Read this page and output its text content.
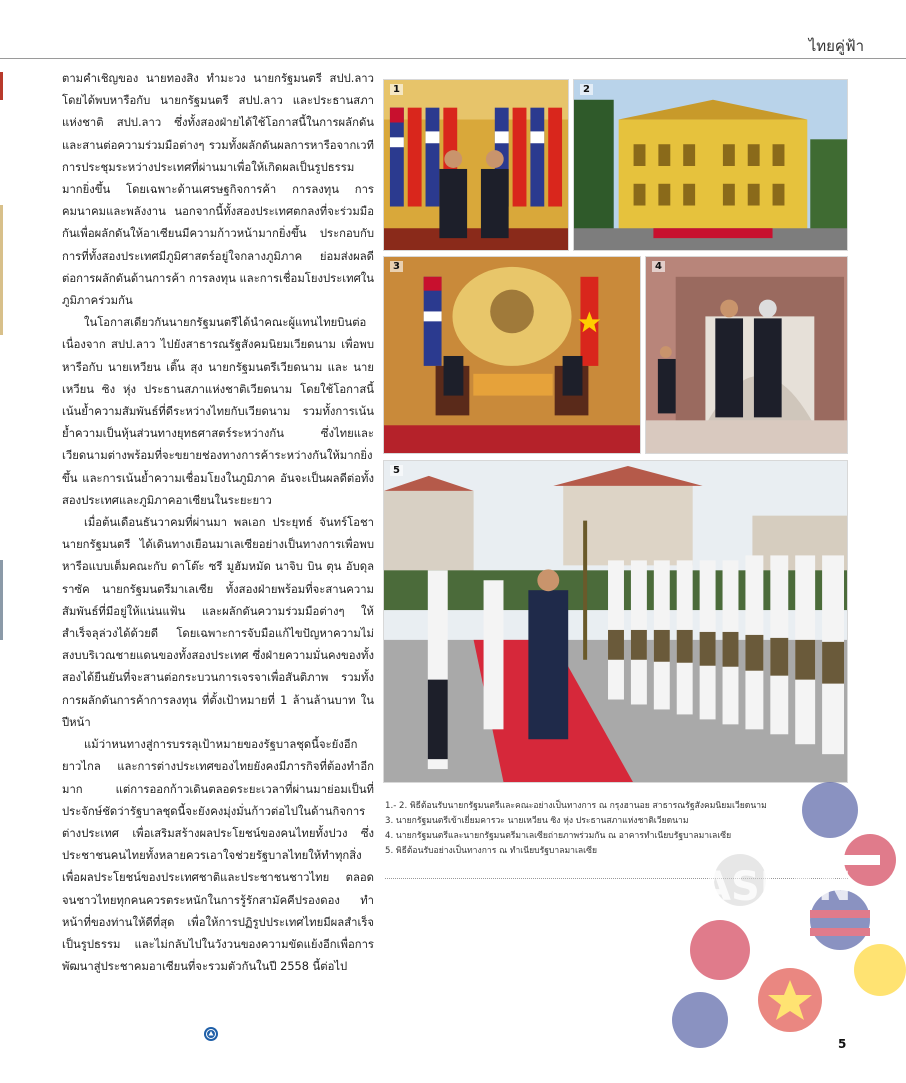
ไทยคู่ฟ้า

ตามคำเชิญของ นายทองสิง ทำมะวง นายกรัฐมนตรี สปป.ลาว โดยได้พบหารือกับ นายกรัฐมนตรี สปป.ลาว และประธานสภาแห่งชาติ สปป.ลาว ซึ่งทั้งสองฝ่ายได้ใช้โอกาสนี้ในการผลักดันและสานต่อความร่วมมือต่างๆ รวมทั้งผลักดันผลการหารือจากเวทีการประชุมระหว่างประเทศที่ผ่านมาเพื่อให้เกิดผลเป็นรูปธรรมมากยิ่งขึ้น โดยเฉพาะด้านเศรษฐกิจการค้า การลงทุน การคมนาคมและพลังงาน นอกจากนี้ทั้งสองประเทศตกลงที่จะร่วมมือกันเพื่อผลักดันให้อาเซียนมีความก้าวหน้ามากยิ่งขึ้น ประกอบกับการที่ทั้งสองประเทศมีภูมิศาสตร์อยู่ใจกลางภูมิภาค ย่อมส่งผลดีต่อการผลักดันด้านการค้า การลงทุน และการเชื่อมโยงประเทศในภูมิภาคร่วมกัน

ในโอกาสเดียวกันนายกรัฐมนตรีได้นำคณะผู้แทนไทยบินต่อเนื่องจาก สปป.ลาว ไปยังสาธารณรัฐสังคมนิยมเวียดนาม เพื่อพบหารือกับ นายเหวียน เติ๊น สุง นายกรัฐมนตรีเวียดนาม และ นายเหวียน ซิง หุ่ง ประธานสภาแห่งชาติเวียดนาม โดยใช้โอกาสนี้เน้นย้ำความสัมพันธ์ที่ดีระหว่างไทยกับเวียดนาม รวมทั้งการเน้นย้ำความเป็นหุ้นส่วนทางยุทธศาสตร์ระหว่างกัน ซึ่งไทยและเวียดนามต่างพร้อมที่จะขยายช่องทางการค้าระหว่างกันให้มากยิ่งขึ้น และการเน้นย้ำความเชื่อมโยงในภูมิภาค อันจะเป็นผลดีต่อทั้งสองประเทศและภูมิภาคอาเซียนในระยะยาว

เมื่อต้นเดือนธันวาคมที่ผ่านมา พลเอก ประยุทธ์ จันทร์โอชา นายกรัฐมนตรี ได้เดินทางเยือนมาเลเซียอย่างเป็นทางการเพื่อพบหารือแบบเต็มคณะกับ ดาโต๊ะ ซรี มูฮัมหมัด นาจิบ บิน ตุน อับดุล ราซัค นายกรัฐมนตรีมาเลเซีย ทั้งสองฝ่ายพร้อมที่จะสานความสัมพันธ์ที่มีอยู่ให้แน่นแฟ้น และผลักดันความร่วมมือต่างๆ ให้สำเร็จลุล่วงได้ด้วยดี โดยเฉพาะการจับมือแก้ไขปัญหาความไม่สงบบริเวณชายแดนของทั้งสองประเทศ ซึ่งฝ่ายความมั่นคงของทั้งสองได้ยืนยันที่จะสานต่อกระบวนการเจรจาเพื่อสันติภาพ รวมทั้งการผลักดันการค้าการลงทุน ที่ตั้งเป้าหมายที่ 1 ล้านล้านบาท ในปีหน้า

แม้ว่าหนทางสู่การบรรลุเป้าหมายของรัฐบาลชุดนี้จะยังอีกยาวไกล และการต่างประเทศของไทยยังคงมีภารกิจที่ต้องทำอีกมาก แต่การออกก้าวเดินตลอดระยะเวลาที่ผ่านมาย่อมเป็นที่ประจักษ์ชัดว่ารัฐบาลชุดนี้จะยังคงมุ่งมั่นก้าวต่อไปในด้านกิจการต่างประเทศ เพื่อเสริมสร้างผลประโยชน์ของคนไทยทั้งปวง ซึ่งประชาชนคนไทยทั้งหลายควรเอาใจช่วยรัฐบาลไทยให้ทำทุกสิ่งเพื่อผลประโยชน์ของประเทศชาติและประชาชนชาวไทย ตลอดจนชาวไทยทุกคนควรตระหนักในการรู้รักสามัคคีปรองดอง ทำหน้าที่ของท่านให้ดีที่สุด เพื่อให้การปฏิรูปประเทศไทยมีผลสำเร็จเป็นรูปธรรม และไม่กลับไปในวังวนของความขัดแย้งอีกเพื่อการพัฒนาสู่ประชาคมอาเซียนที่จะรวมตัวกันในปี 2558 นี้ต่อไป

1	2
3	4
5
1.- 2. พิธีต้อนรับนายกรัฐมนตรีและคณะอย่างเป็นทางการ ณ กรุงฮานอย สาธารณรัฐสังคมนิยมเวียดนาม
3. นายกรัฐมนตรีเข้าเยี่ยมคารวะ นายเหวียน ซิง หุ่ง ประธานสภาแห่งชาติเวียดนาม
4. นายกรัฐมนตรีและนายกรัฐมนตรีมาเลเซียถ่ายภาพร่วมกัน ณ อาคารทำเนียบรัฐบาลมาเลเซีย
5. พิธีต้อนรับอย่างเป็นทางการ ณ ทำเนียบรัฐบาลมาเลเซีย
ASEAN
5
